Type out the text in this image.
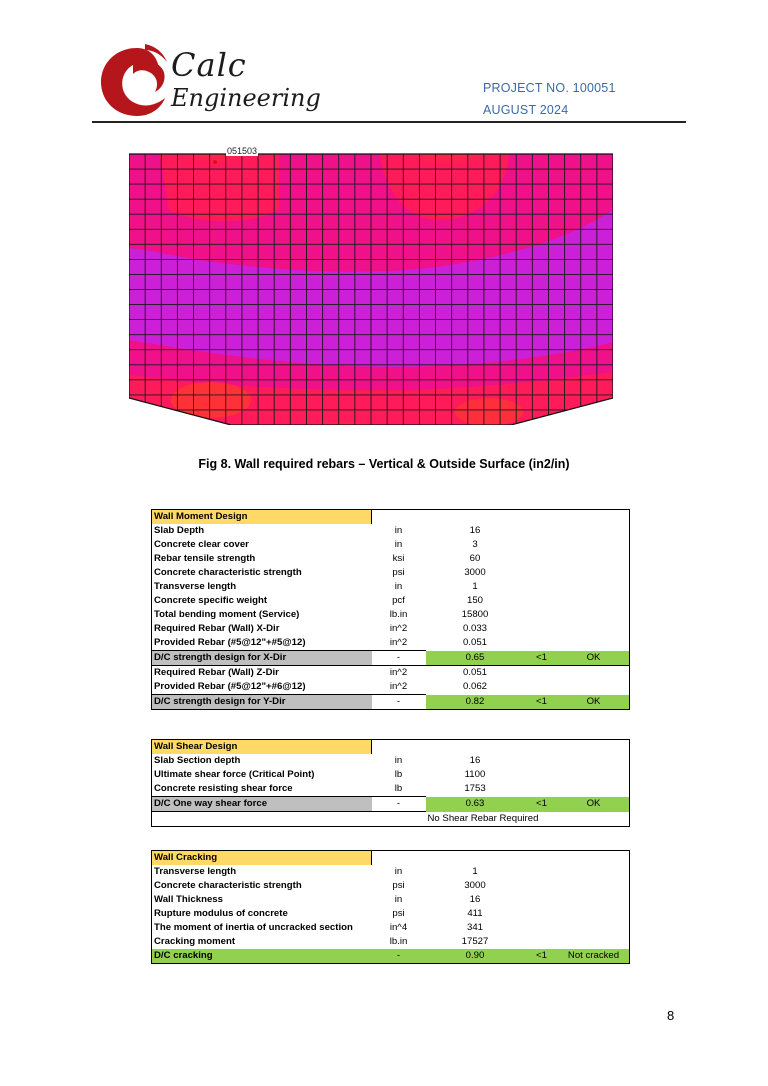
Calc
Engineering	PROJECT NO. 100051
AUGUST 2024
051503
Fig 8. Wall required rebars – Vertical & Outside Surface (in2/in)
Wall Moment Design				
Slab Depth	in	16		
Concrete clear cover	in	3		
Rebar tensile strength	ksi	60		
Concrete characteristic strength	psi	3000		
Transverse length	in	1		
Concrete specific weight	pcf	150		
Total bending moment (Service)	lb.in	15800		
Required Rebar (Wall) X-Dir	in^2	0.033		
Provided Rebar (#5@12"+#5@12)	in^2	0.051		
D/C strength design for X-Dir	-	0.65	<1	OK
Required Rebar (Wall) Z-Dir	in^2	0.051		
Provided Rebar (#5@12"+#6@12)	in^2	0.062		
D/C strength design for Y-Dir	-	0.82	<1	OK
Wall Shear Design				
Slab Section depth	in	16		
Ultimate shear force (Critical Point)	lb	1100		
Concrete resisting shear force	lb	1753		
D/C One way shear force	-	0.63	<1	OK
		No Shear Rebar Required		
Wall Cracking				
Transverse length	in	1		
Concrete characteristic strength	psi	3000		
Wall Thickness	in	16		
Rupture modulus of concrete	psi	411		
The moment of inertia of uncracked section	in^4	341		
Cracking moment	lb.in	17527		
D/C cracking	-	0.90	<1	Not cracked
8
